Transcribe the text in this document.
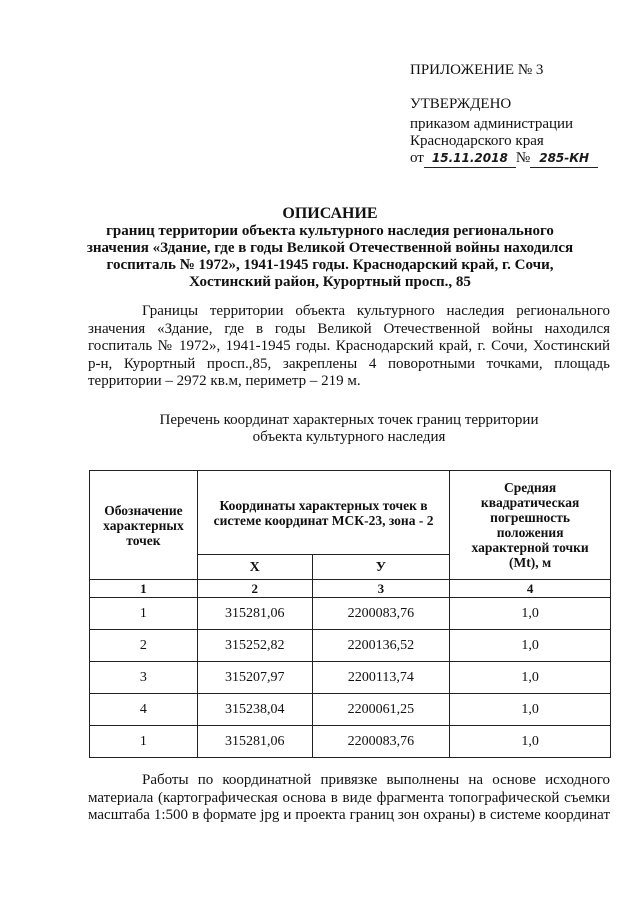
ПРИЛОЖЕНИЕ № 3
УТВЕРЖДЕНО
приказом администрации
Краснодарского края
от 15.11.2018 № 285-КН
ОПИСАНИЕ
границ территории объекта культурного наследия регионального
значения «Здание, где в годы Великой Отечественной войны находился
госпиталь № 1972», 1941-1945 годы. Краснодарский край, г. Сочи,
Хостинский район, Курортный просп., 85
Границы территории объекта культурного наследия регионального
значения «Здание, где в годы Великой Отечественной войны находился
госпиталь № 1972», 1941-1945 годы. Краснодарский край, г. Сочи, Хостинский
р-н, Курортный просп.,85, закреплены 4 поворотными точками, площадь
территории – 2972 кв.м, периметр – 219 м.
Перечень координат характерных точек границ территории
объекта культурного наследия
Обозначение характерных точек	Координаты характерных точек в системе координат МСК-23, зона - 2		Средняя квадратическая погрешность положения характерной точки (Mt), м
	X	У	
1	2	3	4
1	315281,06	2200083,76	1,0
2	315252,82	2200136,52	1,0
3	315207,97	2200113,74	1,0
4	315238,04	2200061,25	1,0
1	315281,06	2200083,76	1,0
Работы по координатной привязке выполнены на основе исходного
материала (картографическая основа в виде фрагмента топографической съемки
масштаба 1:500 в формате jpg и проекта границ зон охраны) в системе координат
